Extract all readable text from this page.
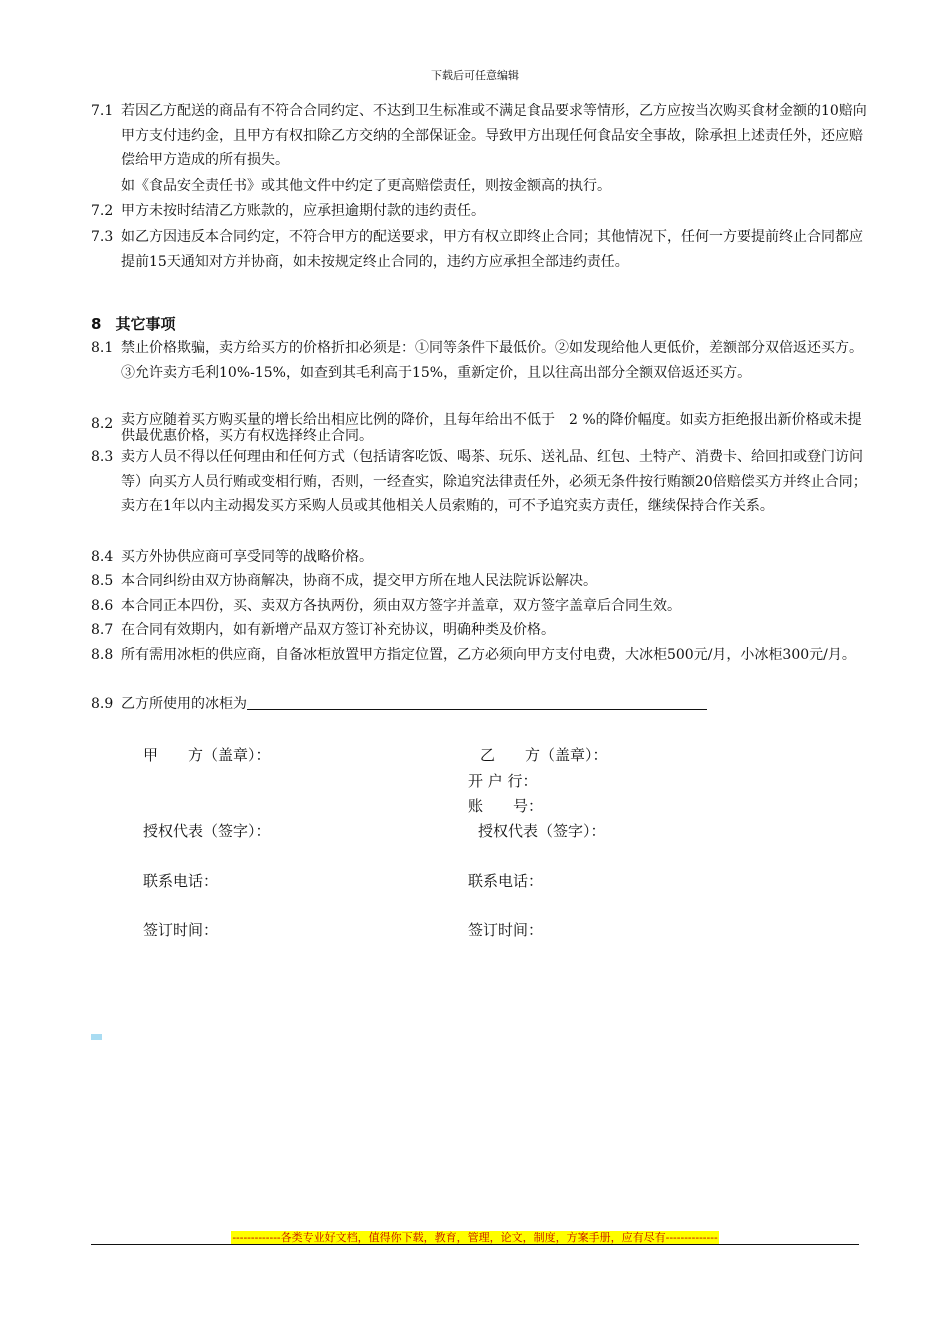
下载后可任意编辑
7.1 若因乙方配送的商品有不符合合同约定、不达到卫生标准或不满足食品要求等情形，乙方应按当次购买食材金额的10赔向甲方支付违约金，且甲方有权扣除乙方交纳的全部保证金。导致甲方出现任何食品安全事故，除承担上述责任外，还应赔偿给甲方造成的所有损失。
如《食品安全责任书》或其他文件中约定了更高赔偿责任，则按金额高的执行。
7.2 甲方未按时结清乙方账款的，应承担逾期付款的违约责任。
7.3 如乙方因违反本合同约定，不符合甲方的配送要求，甲方有权立即终止合同；其他情况下，任何一方要提前终止合同都应提前15天通知对方并协商，如未按规定终止合同的，违约方应承担全部违约责任。
8 其它事项
8.1 禁止价格欺骗，卖方给买方的价格折扣必须是：①同等条件下最低价。②如发现给他人更低价，差额部分双倍返还买方。③允许卖方毛利10%-15%，如查到其毛利高于15%，重新定价，且以往高出部分全额双倍返还买方。
8.2 卖方应随着买方购买量的增长给出相应比例的降价，且每年给出不低于　2 %的降价幅度。如卖方拒绝报出新价格或未提供最优惠价格，买方有权选择终止合同。
8.3 卖方人员不得以任何理由和任何方式（包括请客吃饭、喝茶、玩乐、送礼品、红包、土特产、消费卡、给回扣或登门访问等）向买方人员行贿或变相行贿，否则，一经查实，除追究法律责任外，必须无条件按行贿额20倍赔偿买方并终止合同；卖方在1年以内主动揭发买方采购人员或其他相关人员索贿的，可不予追究卖方责任，继续保持合作关系。
8.4 买方外协供应商可享受同等的战略价格。
8.5 本合同纠纷由双方协商解决，协商不成，提交甲方所在地人民法院诉讼解决。
8.6 本合同正本四份，买、卖双方各执两份，须由双方签字并盖章，双方签字盖章后合同生效。
8.7 在合同有效期内，如有新增产品双方签订补充协议，明确种类及价格。
8.8 所有需用冰柜的供应商，自备冰柜放置甲方指定位置，乙方必须向甲方支付电费，大冰柜500元/月，小冰柜300元/月。
8.9 乙方所使用的冰柜为
甲　　方（盖章）：	乙　　方（盖章）：
开 户 行：
账　　号：
授权代表（签字）：	授权代表（签字）：
联系电话：	联系电话：
签订时间：	签订时间：
-------------各类专业好文档，值得你下载，教育，管理，论文，制度，方案手册，应有尽有--------------
